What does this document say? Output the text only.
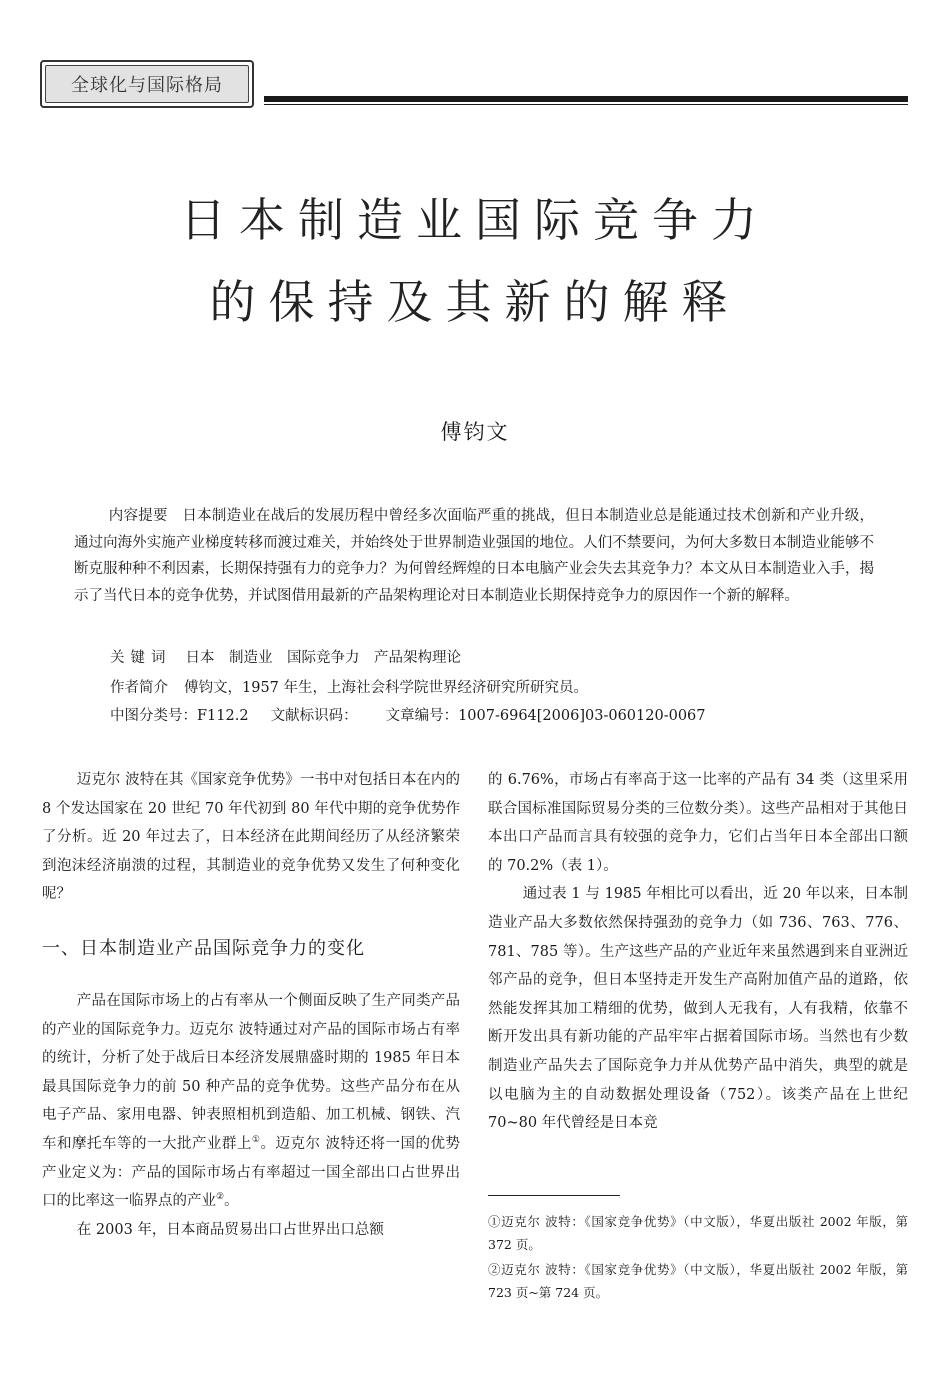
全球化与国际格局
日本制造业国际竞争力
的保持及其新的解释
傅钧文

内容提要　 日本制造业在战后的发展历程中曾经多次面临严重的挑战，但日本制造业总是能通过技术创新和产业升级，通过向海外实施产业梯度转移而渡过难关，并始终处于世界制造业强国的地位。人们不禁要问，为何大多数日本制造业能够不断克服种种不利因素，长期保持强有力的竞争力？为何曾经辉煌的日本电脑产业会失去其竞争力？本文从日本制造业入手，揭示了当代日本的竞争优势，并试图借用最新的产品架构理论对日本制造业长期保持竞争力的原因作一个新的解释。

关键词 日本　制造业　国际竞争力　产品架构理论
作者简介 傅钧文，1957 年生，上海社会科学院世界经济研究所研究员。
中图分类号：F112.2 文献标识码： 文章编号：1007-6964[2006]03-060120-0067

迈克尔 波特在其《国家竞争优势》一书中对包括日本在内的 8 个发达国家在 20 世纪 70 年代初到 80 年代中期的竞争优势作了分析。近 20 年过去了，日本经济在此期间经历了从经济繁荣到泡沫经济崩溃的过程，其制造业的竞争优势又发生了何种变化呢？

一、日本制造业产品国际竞争力的变化

产品在国际市场上的占有率从一个侧面反映了生产同类产品的产业的国际竞争力。迈克尔 波特通过对产品的国际市场占有率的统计，分析了处于战后日本经济发展鼎盛时期的 1985 年日本最具国际竞争力的前 50 种产品的竞争优势。这些产品分布在从电子产品、家用电器、钟表照相机到造船、加工机械、钢铁、汽车和摩托车等的一大批产业群上①。迈克尔 波特还将一国的优势产业定义为：产品的国际市场占有率超过一国全部出口占世界出口的比率这一临界点的产业②。

在 2003 年，日本商品贸易出口占世界出口总额

的 6.76%，市场占有率高于这一比率的产品有 34 类（这里采用联合国标准国际贸易分类的三位数分类）。这些产品相对于其他日本出口产品而言具有较强的竞争力，它们占当年日本全部出口额的 70.2%（表 1）。

通过表 1 与 1985 年相比可以看出，近 20 年以来，日本制造业产品大多数依然保持强劲的竞争力（如 736、763、776、781、785 等）。生产这些产品的产业近年来虽然遇到来自亚洲近邻产品的竞争，但日本坚持走开发生产高附加值产品的道路，依然能发挥其加工精细的优势，做到人无我有，人有我精，依靠不断开发出具有新功能的产品牢牢占据着国际市场。当然也有少数制造业产品失去了国际竞争力并从优势产品中消失，典型的就是以电脑为主的自动数据处理设备（752）。该类产品在上世纪 70~80 年代曾经是日本竞

①迈克尔 波特：《国家竞争优势》（中文版），华夏出版社 2002 年版，第 372 页。

②迈克尔 波特：《国家竞争优势》（中文版），华夏出版社 2002 年版，第 723 页~第 724 页。
